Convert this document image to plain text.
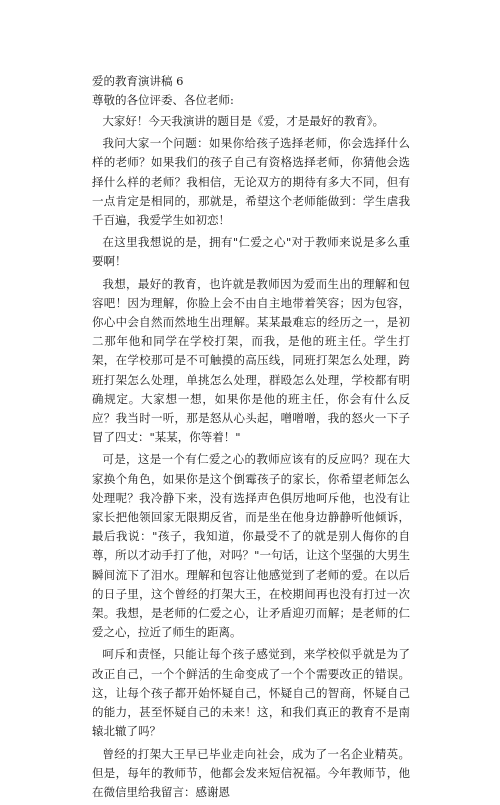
爱的教育演讲稿 6
尊敬的各位评委、各位老师:

大家好！今天我演讲的题目是《爱，才是最好的教育》。

我问大家一个问题：如果你给孩子选择老师，你会选择什么样的老师？如果我们的孩子自己有资格选择老师，你猜他会选择什么样的老师？我相信，无论双方的期待有多大不同，但有一点肯定是相同的，那就是，希望这个老师能做到：学生虐我千百遍，我爱学生如初恋！

在这里我想说的是，拥有"仁爱之心"对于教师来说是多么重要啊！

我想，最好的教育，也许就是教师因为爱而生出的理解和包容吧！因为理解，你脸上会不由自主地带着笑容；因为包容，你心中会自然而然地生出理解。某某最难忘的经历之一，是初二那年他和同学在学校打架，而我，是他的班主任。学生打架，在学校那可是不可触摸的高压线，同班打架怎么处理，跨班打架怎么处理，单挑怎么处理，群殴怎么处理，学校都有明确规定。大家想一想，如果你是他的班主任，你会有什么反应？我当时一听，那是怒从心头起，噌噌噌，我的怒火一下子冒了四丈："某某，你等着！"

可是，这是一个有仁爱之心的教师应该有的反应吗？现在大家换个角色，如果你是这个倒霉孩子的家长，你希望老师怎么处理呢？我冷静下来，没有选择声色俱厉地呵斥他，也没有让家长把他领回家无限期反省，而是坐在他身边静静听他倾诉，最后我说："孩子，我知道，你最受不了的就是别人侮你的自尊，所以才动手打了他，对吗？"一句话，让这个坚强的大男生瞬间流下了泪水。理解和包容让他感觉到了老师的爱。在以后的日子里，这个曾经的打架大王，在校期间再也没有打过一次架。我想，是老师的仁爱之心，让矛盾迎刃而解；是老师的仁爱之心，拉近了师生的距离。

呵斥和责怪，只能让每个孩子感觉到，来学校似乎就是为了改正自己，一个个鲜活的生命变成了一个个需要改正的错误。这，让每个孩子都开始怀疑自己，怀疑自己的智商，怀疑自己的能力，甚至怀疑自己的未来！这，和我们真正的教育不是南辕北辙了吗？

曾经的打架大王早已毕业走向社会，成为了一名企业精英。但是，每年的教师节，他都会发来短信祝福。今年教师节，他在微信里给我留言：感谢恩
